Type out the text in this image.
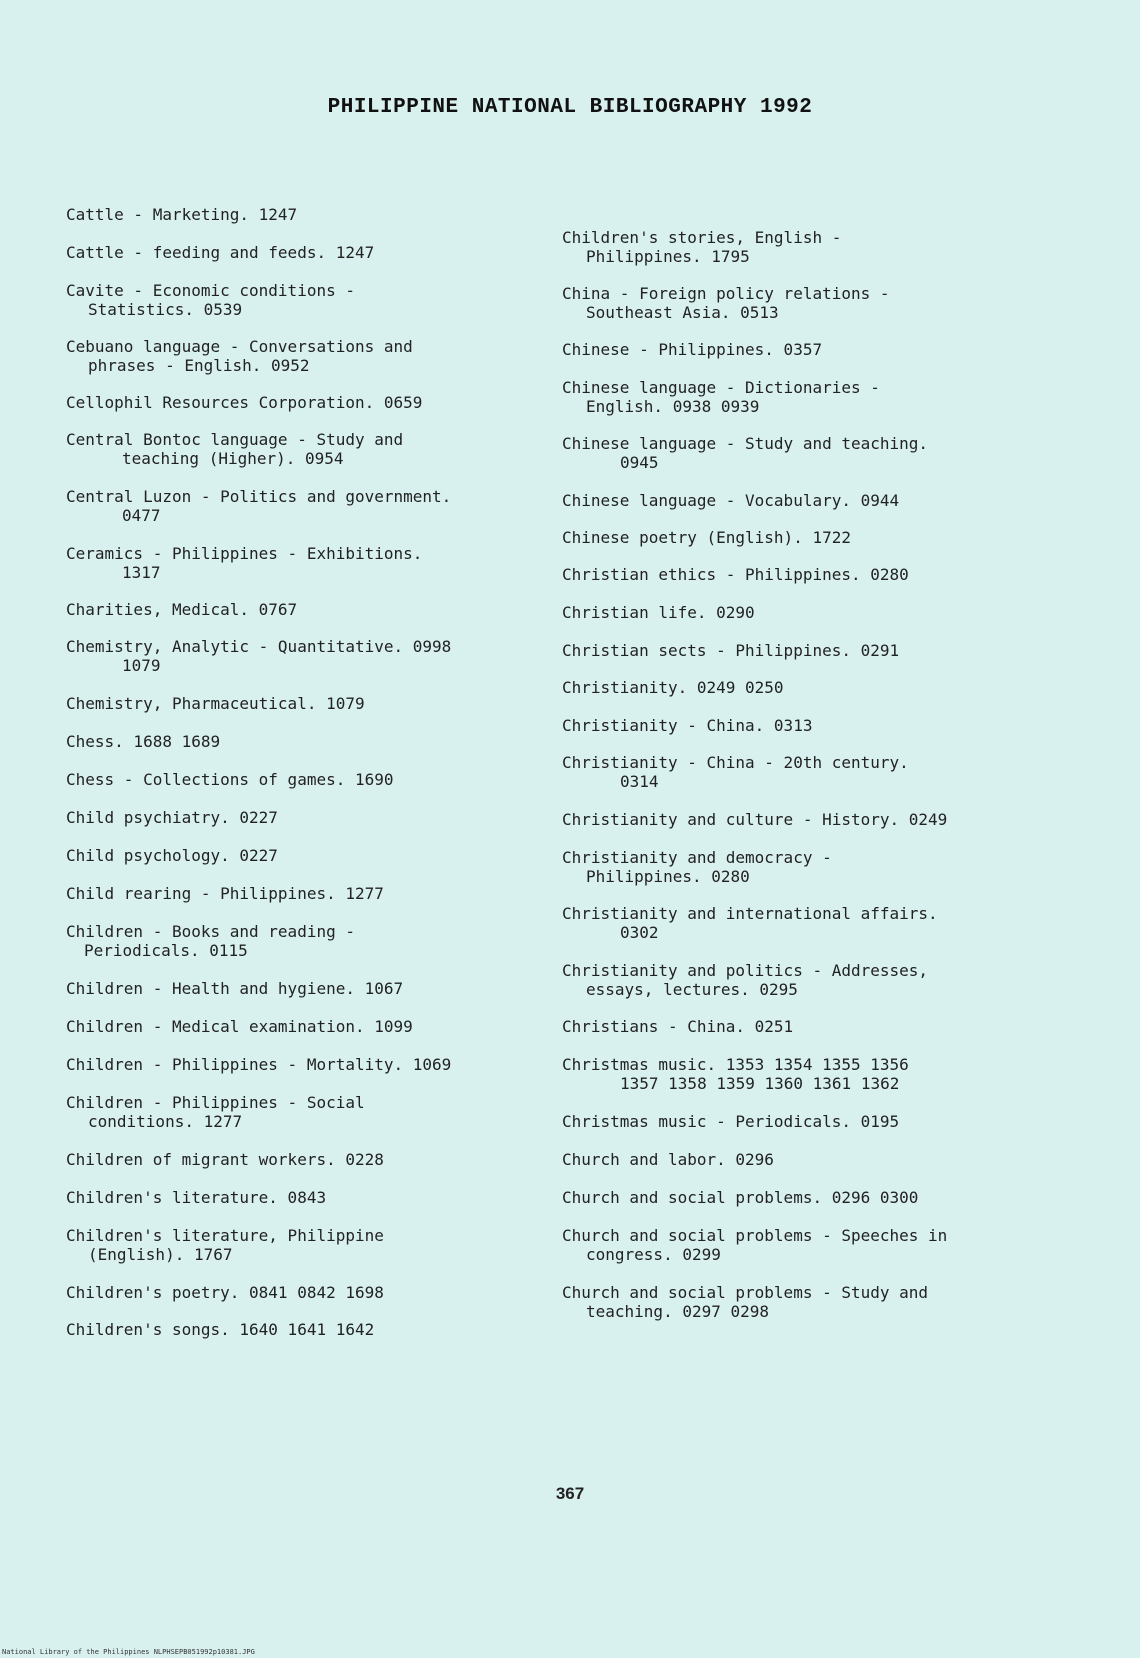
PHILIPPINE NATIONAL BIBLIOGRAPHY 1992
Cattle - Marketing. 1247
Cattle - feeding and feeds. 1247
Cavite - Economic conditions -
Statistics. 0539
Cebuano language - Conversations and
phrases - English. 0952
Cellophil Resources Corporation. 0659
Central Bontoc language - Study and
teaching (Higher). 0954
Central Luzon - Politics and government.
0477
Ceramics - Philippines - Exhibitions.
1317
Charities, Medical. 0767
Chemistry, Analytic - Quantitative. 0998
1079
Chemistry, Pharmaceutical. 1079
Chess. 1688 1689
Chess - Collections of games. 1690
Child psychiatry. 0227
Child psychology. 0227
Child rearing - Philippines. 1277
Children - Books and reading -
Periodicals. 0115
Children - Health and hygiene. 1067
Children - Medical examination. 1099
Children - Philippines - Mortality. 1069
Children - Philippines - Social
conditions. 1277
Children of migrant workers. 0228
Children's literature. 0843
Children's literature, Philippine
(English). 1767
Children's poetry. 0841 0842 1698
Children's songs. 1640 1641 1642
Children's stories, English -
Philippines. 1795
China - Foreign policy relations -
Southeast Asia. 0513
Chinese - Philippines. 0357
Chinese language - Dictionaries -
English. 0938 0939
Chinese language - Study and teaching.
0945
Chinese language - Vocabulary. 0944
Chinese poetry (English). 1722
Christian ethics - Philippines. 0280
Christian life. 0290
Christian sects - Philippines. 0291
Christianity. 0249 0250
Christianity - China. 0313
Christianity - China - 20th century.
0314
Christianity and culture - History. 0249
Christianity and democracy -
Philippines. 0280
Christianity and international affairs.
0302
Christianity and politics - Addresses,
essays, lectures. 0295
Christians - China. 0251
Christmas music. 1353 1354 1355 1356
1357 1358 1359 1360 1361 1362
Christmas music - Periodicals. 0195
Church and labor. 0296
Church and social problems. 0296 0300
Church and social problems - Speeches in
congress. 0299
Church and social problems - Study and
teaching. 0297 0298
367
National Library of the Philippines NLPHSEPB051992p10381.JPG
